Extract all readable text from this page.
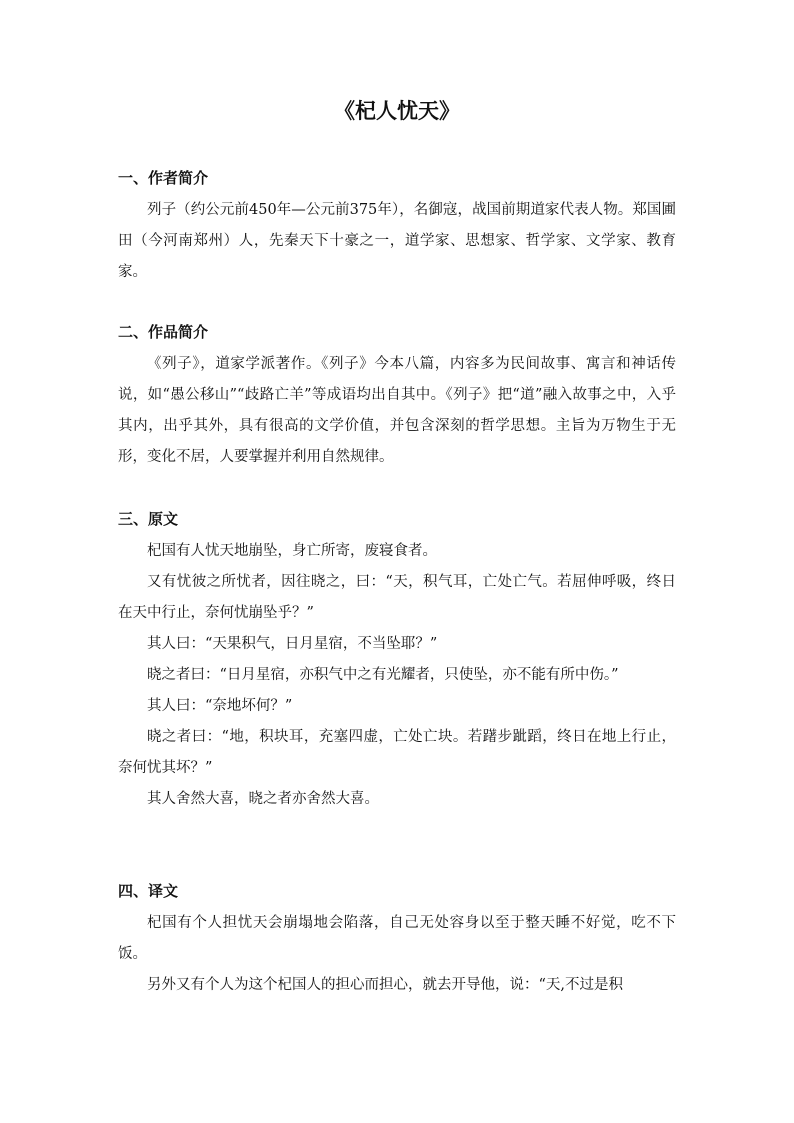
《杞人忧天》
一、作者简介

列子（约公元前450年—公元前375年），名御寇，战国前期道家代表人物。郑国圃田（今河南郑州）人，先秦天下十豪之一，道学家、思想家、哲学家、文学家、教育家。

二、作品简介

《列子》，道家学派著作。《列子》今本八篇，内容多为民间故事、寓言和神话传说，如“愚公移山”“歧路亡羊”等成语均出自其中。《列子》把“道”融入故事之中，入乎其内，出乎其外，具有很高的文学价值，并包含深刻的哲学思想。主旨为万物生于无形，变化不居，人要掌握并利用自然规律。

三、原文

杞国有人忧天地崩坠，身亡所寄，废寝食者。

又有忧彼之所忧者，因往晓之，曰：“天，积气耳，亡处亡气。若屈伸呼吸，终日在天中行止，奈何忧崩坠乎？”

其人曰：“天果积气，日月星宿，不当坠耶？”

晓之者曰：“日月星宿，亦积气中之有光耀者，只使坠，亦不能有所中伤。”

其人曰：“奈地坏何？”

晓之者曰：“地，积块耳，充塞四虚，亡处亡块。若躇步跐蹈，终日在地上行止，奈何忧其坏？”

其人舍然大喜，晓之者亦舍然大喜。

四、译文

杞国有个人担忧天会崩塌地会陷落，自己无处容身以至于整天睡不好觉，吃不下饭。

另外又有个人为这个杞国人的担心而担心，就去开导他，说：“天,不过是积
